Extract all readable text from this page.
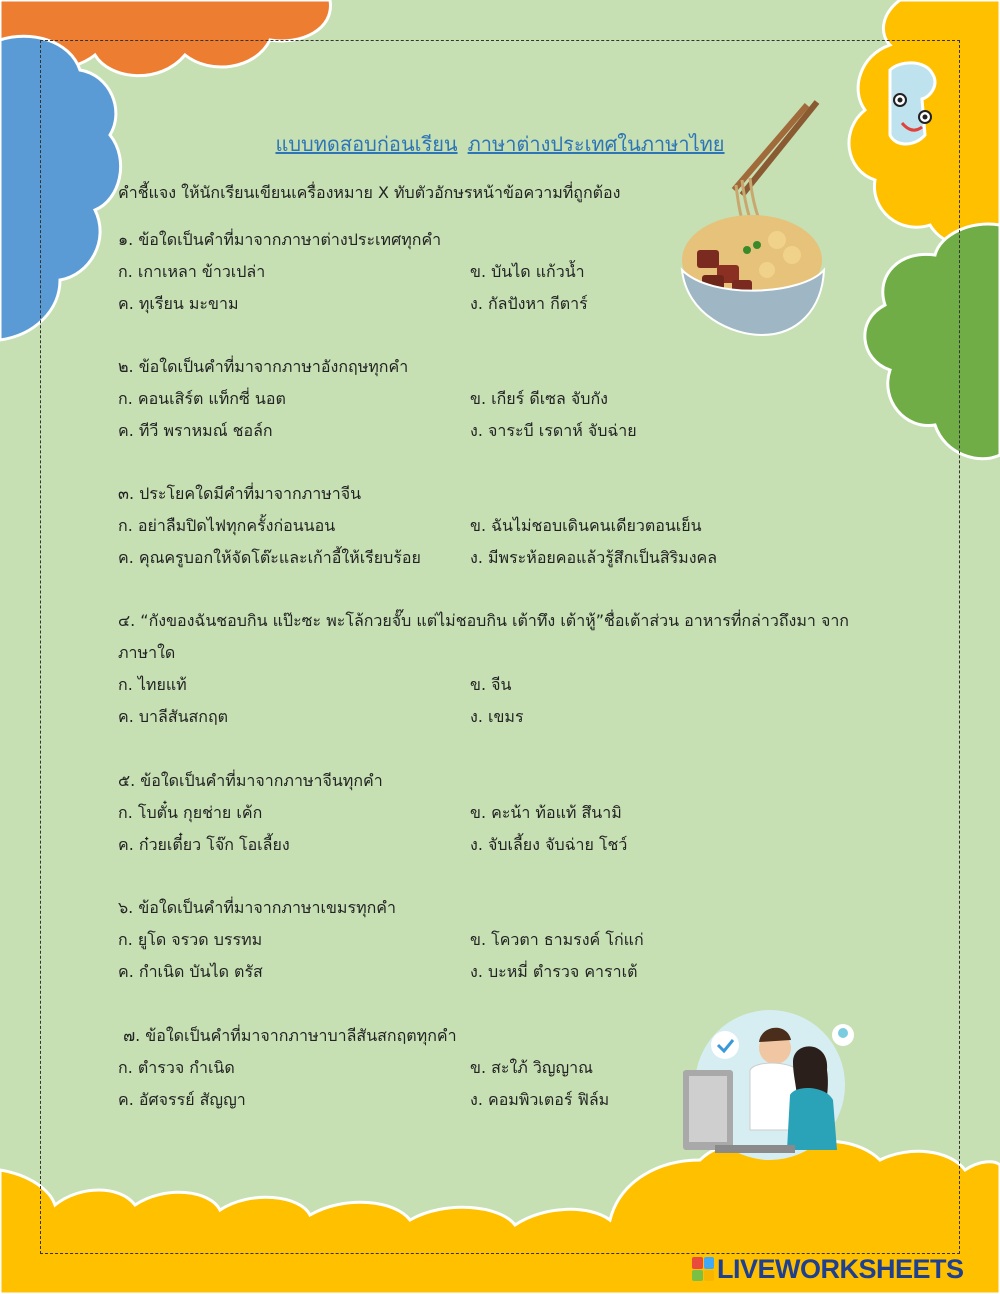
แบบทดสอบก่อนเรียน ภาษาต่างประเทศในภาษาไทย
คำชี้แจง ให้นักเรียนเขียนเครื่องหมาย X ทับตัวอักษรหน้าข้อความที่ถูกต้อง
๑. ข้อใดเป็นคำที่มาจากภาษาต่างประเทศทุกคำ
ก. เกาเหลา ข้าวเปล่า	ข. บันได แก้วน้ำ
ค. ทุเรียน มะขาม	ง. กัลปังหา กีตาร์
๒. ข้อใดเป็นคำที่มาจากภาษาอังกฤษทุกคำ
ก. คอนเสิร์ต แท็กซี่ นอต	ข. เกียร์ ดีเซล จับกัง
ค. ทีวี พราหมณ์ ชอล์ก	ง. จาระบี เรดาห์ จับฉ่าย
๓. ประโยคใดมีคำที่มาจากภาษาจีน
ก. อย่าลืมปิดไฟทุกครั้งก่อนนอน	ข. ฉันไม่ชอบเดินคนเดียวตอนเย็น
ค. คุณครูบอกให้จัดโต๊ะและเก้าอี้ให้เรียบร้อย	ง. มีพระห้อยคอแล้วรู้สึกเป็นสิริมงคล
๔. “กังของฉันชอบกิน แป๊ะซะ พะโล้กวยจั๊บ แต่ไม่ชอบกิน เต้าทึง เต้าหู้”ชื่อเต้าส่วน อาหารที่กล่าวถึงมา จาก ภาษาใด
ก. ไทยแท้	ข. จีน
ค. บาลีสันสกฤต	ง. เขมร
๕. ข้อใดเป็นคำที่มาจากภาษาจีนทุกคำ
ก. โบตั๋น กุยช่าย เค้ก	ข. คะน้า ท้อแท้ สึนามิ
ค. ก๋วยเตี๋ยว โจ๊ก โอเลี้ยง	ง. จับเลี้ยง จับฉ่าย โชว์
๖. ข้อใดเป็นคำที่มาจากภาษาเขมรทุกคำ
ก. ยูโด จรวด บรรทม	ข. โควตา ธามรงค์ โก่แก่
ค. กำเนิด บันได ตรัส	ง. บะหมี่ ตำรวจ คาราเต้
๗. ข้อใดเป็นคำที่มาจากภาษาบาลีสันสกฤตทุกคำ
ก. ตำรวจ กำเนิด	ข. สะใภ้ วิญญาณ
ค. อัศจรรย์ สัญญา	ง. คอมพิวเตอร์ ฟิล์ม
LIVEWORKSHEETS
